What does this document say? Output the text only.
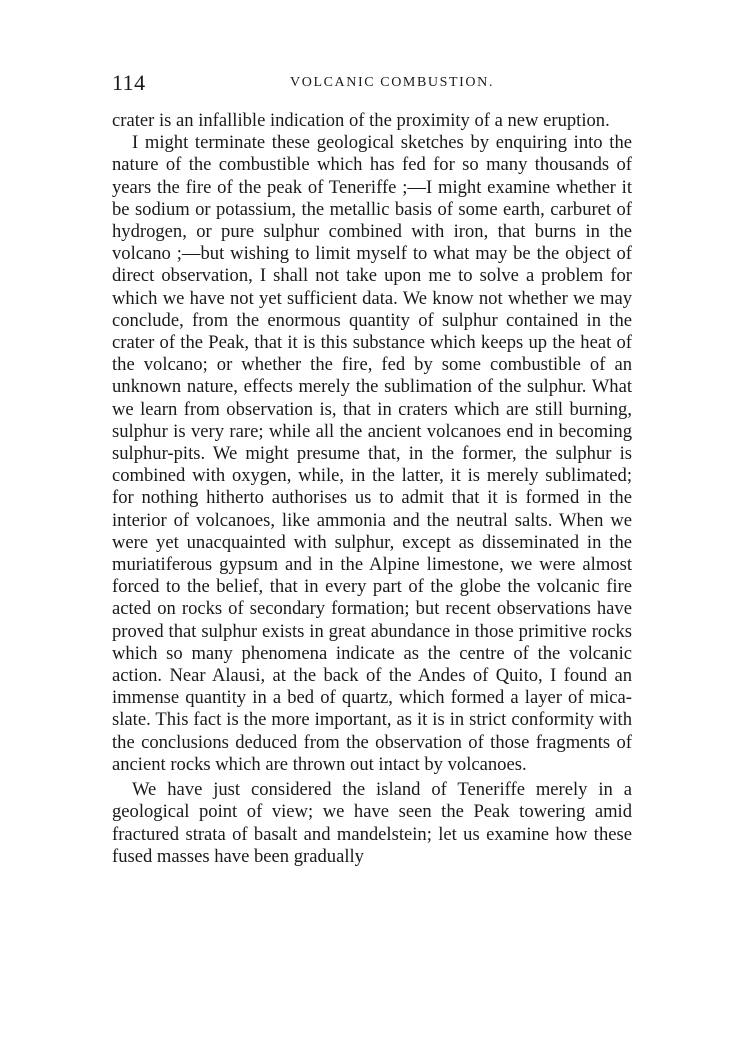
114	VOLCANIC COMBUSTION.

crater is an infallible indication of the proximity of a new eruption.

I might terminate these geological sketches by enquiring into the nature of the combustible which has fed for so many thousands of years the fire of the peak of Teneriffe ;—I might examine whether it be sodium or potassium, the metallic basis of some earth, carburet of hydrogen, or pure sulphur combined with iron, that burns in the volcano ;—but wishing to limit myself to what may be the object of direct observation, I shall not take upon me to solve a problem for which we have not yet sufficient data. We know not whether we may conclude, from the enormous quantity of sulphur contained in the crater of the Peak, that it is this substance which keeps up the heat of the volcano; or whether the fire, fed by some combustible of an unknown nature, effects merely the sublimation of the sulphur. What we learn from observation is, that in craters which are still burning, sulphur is very rare; while all the ancient volcanoes end in becoming sulphur-pits. We might presume that, in the former, the sulphur is combined with oxygen, while, in the latter, it is merely sublimated; for nothing hitherto authorises us to admit that it is formed in the interior of volcanoes, like ammonia and the neutral salts. When we were yet unacquainted with sulphur, except as disseminated in the muriatiferous gypsum and in the Alpine limestone, we were almost forced to the belief, that in every part of the globe the volcanic fire acted on rocks of secondary formation; but recent observations have proved that sulphur exists in great abundance in those primitive rocks which so many phenomena indicate as the centre of the volcanic action. Near Alausi, at the back of the Andes of Quito, I found an immense quantity in a bed of quartz, which formed a layer of mica-slate. This fact is the more important, as it is in strict conformity with the conclusions deduced from the observation of those fragments of ancient rocks which are thrown out intact by volcanoes.

We have just considered the island of Teneriffe merely in a geological point of view; we have seen the Peak towering amid fractured strata of basalt and mandelstein; let us examine how these fused masses have been gradually
